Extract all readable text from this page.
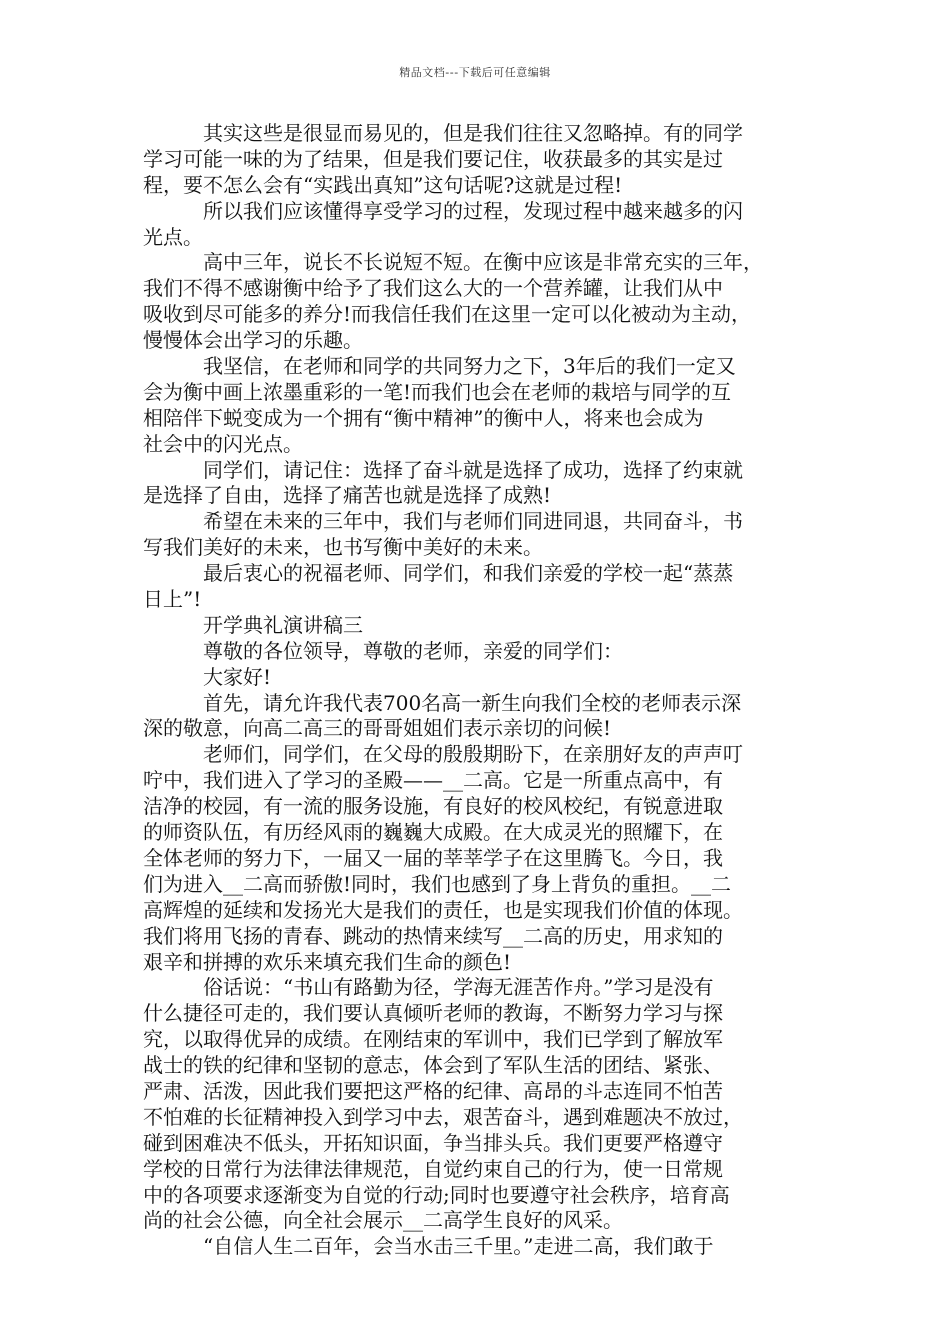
精品文档---下载后可任意编辑
其实这些是很显而易见的，但是我们往往又忽略掉。有的同学
学习可能一味的为了结果，但是我们要记住，收获最多的其实是过
程，要不怎么会有“实践出真知”这句话呢?这就是过程!
所以我们应该懂得享受学习的过程，发现过程中越来越多的闪
光点。
高中三年，说长不长说短不短。在衡中应该是非常充实的三年，
我们不得不感谢衡中给予了我们这么大的一个营养罐，让我们从中
吸收到尽可能多的养分!而我信任我们在这里一定可以化被动为主动，
慢慢体会出学习的乐趣。
我坚信，在老师和同学的共同努力之下，3年后的我们一定又
会为衡中画上浓墨重彩的一笔!而我们也会在老师的栽培与同学的互
相陪伴下蜕变成为一个拥有“衡中精神”的衡中人，将来也会成为
社会中的闪光点。
同学们，请记住：选择了奋斗就是选择了成功，选择了约束就
是选择了自由，选择了痛苦也就是选择了成熟!
希望在未来的三年中，我们与老师们同进同退，共同奋斗，书
写我们美好的未来，也书写衡中美好的未来。
最后衷心的祝福老师、同学们，和我们亲爱的学校一起“蒸蒸
日上”!
开学典礼演讲稿三
尊敬的各位领导，尊敬的老师，亲爱的同学们：
大家好!
首先，请允许我代表700名高一新生向我们全校的老师表示深
深的敬意，向高二高三的哥哥姐姐们表示亲切的问候!
老师们，同学们，在父母的殷殷期盼下，在亲朋好友的声声叮
咛中，我们进入了学习的圣殿——__二高。它是一所重点高中，有
洁净的校园，有一流的服务设施，有良好的校风校纪，有锐意进取
的师资队伍，有历经风雨的巍巍大成殿。在大成灵光的照耀下，在
全体老师的努力下，一届又一届的莘莘学子在这里腾飞。今日，我
们为进入__二高而骄傲!同时，我们也感到了身上背负的重担。__二
高辉煌的延续和发扬光大是我们的责任，也是实现我们价值的体现。
我们将用飞扬的青春、跳动的热情来续写__二高的历史，用求知的
艰辛和拼搏的欢乐来填充我们生命的颜色!
俗话说：“书山有路勤为径，学海无涯苦作舟。”学习是没有
什么捷径可走的，我们要认真倾听老师的教诲，不断努力学习与探
究，以取得优异的成绩。在刚结束的军训中，我们已学到了解放军
战士的铁的纪律和坚韧的意志，体会到了军队生活的团结、紧张、
严肃、活泼，因此我们要把这严格的纪律、高昂的斗志连同不怕苦
不怕难的长征精神投入到学习中去，艰苦奋斗，遇到难题决不放过，
碰到困难决不低头，开拓知识面，争当排头兵。我们更要严格遵守
学校的日常行为法律法律规范，自觉约束自己的行为，使一日常规
中的各项要求逐渐变为自觉的行动;同时也要遵守社会秩序，培育高
尚的社会公德，向全社会展示__二高学生良好的风采。
“自信人生二百年，会当水击三千里。”走进二高，我们敢于
